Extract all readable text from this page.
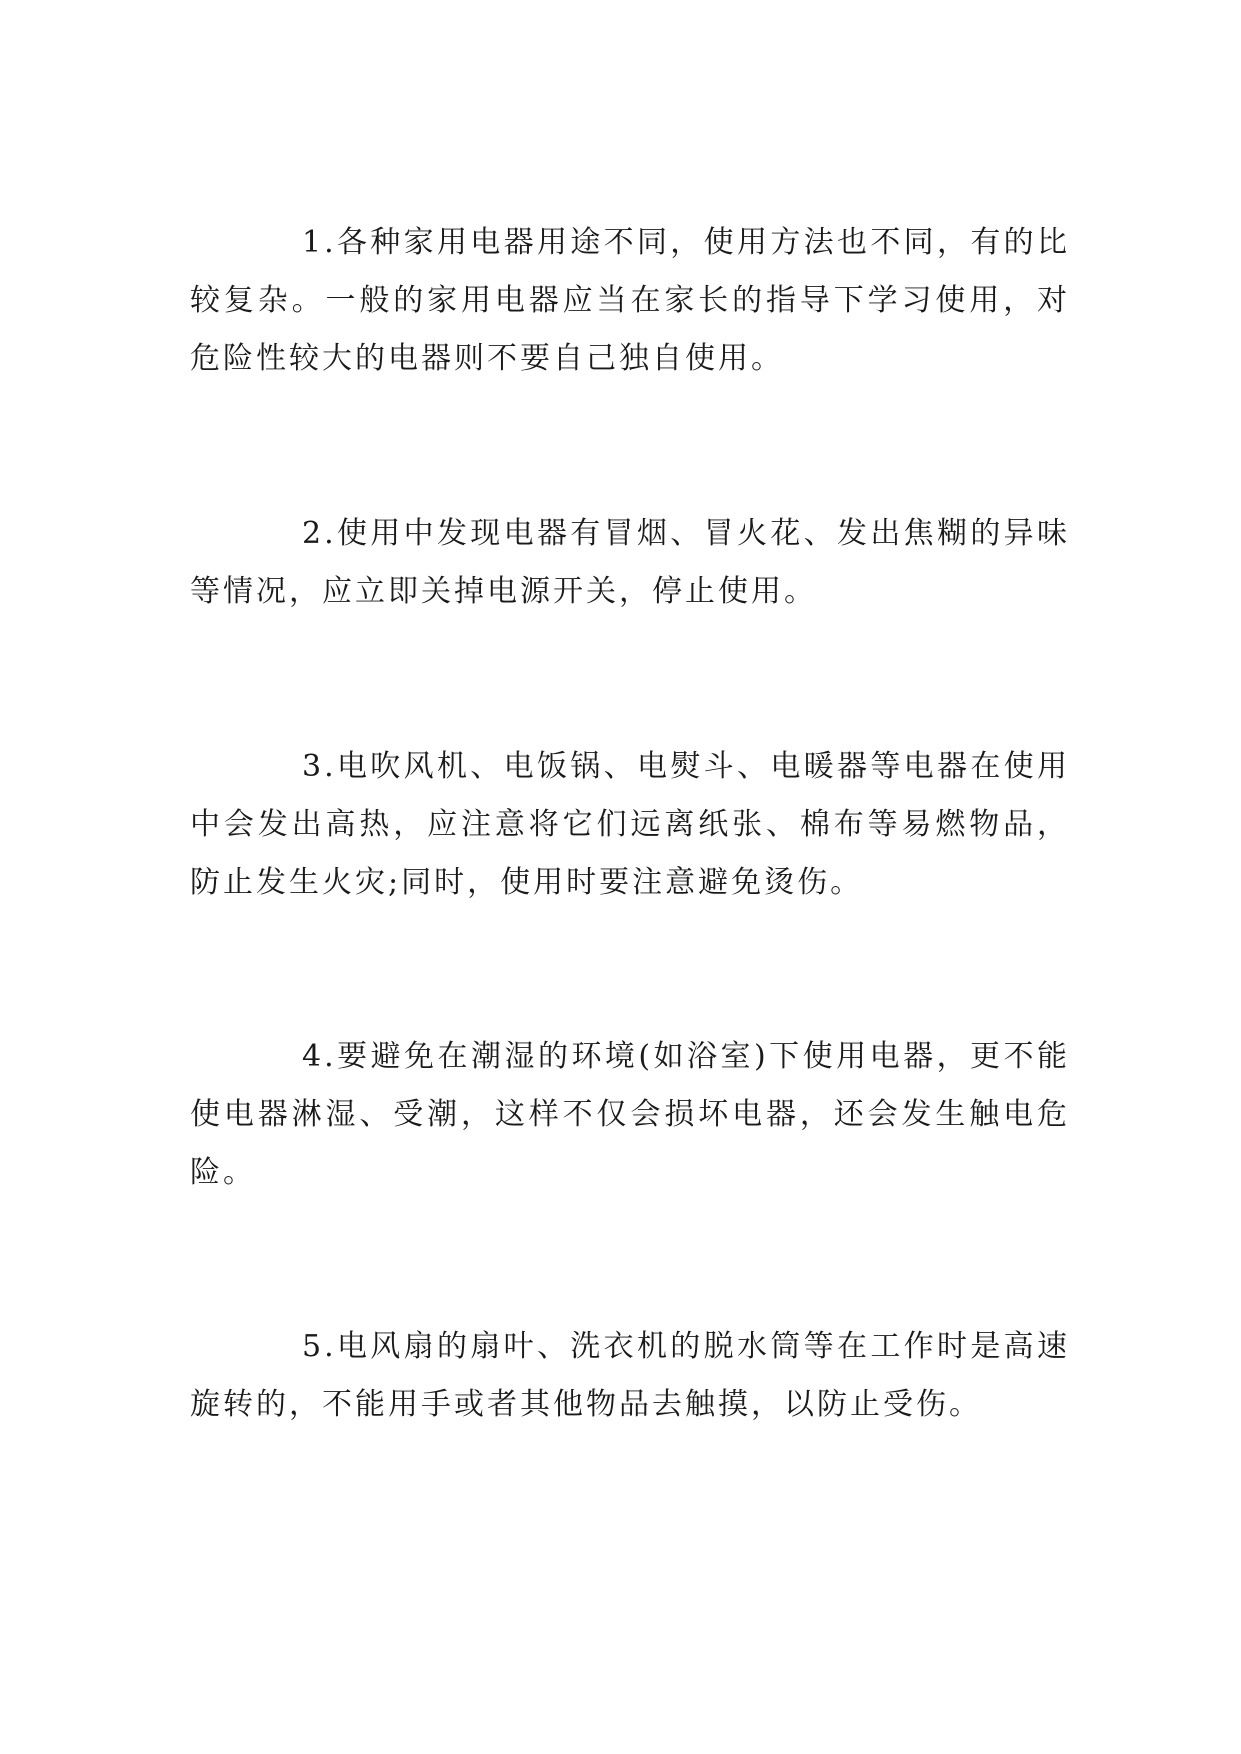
1.各种家用电器用途不同，使用方法也不同，有的比较复杂。一般的家用电器应当在家长的指导下学习使用，对危险性较大的电器则不要自己独自使用。

2.使用中发现电器有冒烟、冒火花、发出焦糊的异味等情况，应立即关掉电源开关，停止使用。

3.电吹风机、电饭锅、电熨斗、电暖器等电器在使用中会发出高热，应注意将它们远离纸张、棉布等易燃物品，防止发生火灾;同时，使用时要注意避免烫伤。

4.要避免在潮湿的环境(如浴室)下使用电器，更不能使电器淋湿、受潮，这样不仅会损坏电器，还会发生触电危险。

5.电风扇的扇叶、洗衣机的脱水筒等在工作时是高速旋转的，不能用手或者其他物品去触摸，以防止受伤。
